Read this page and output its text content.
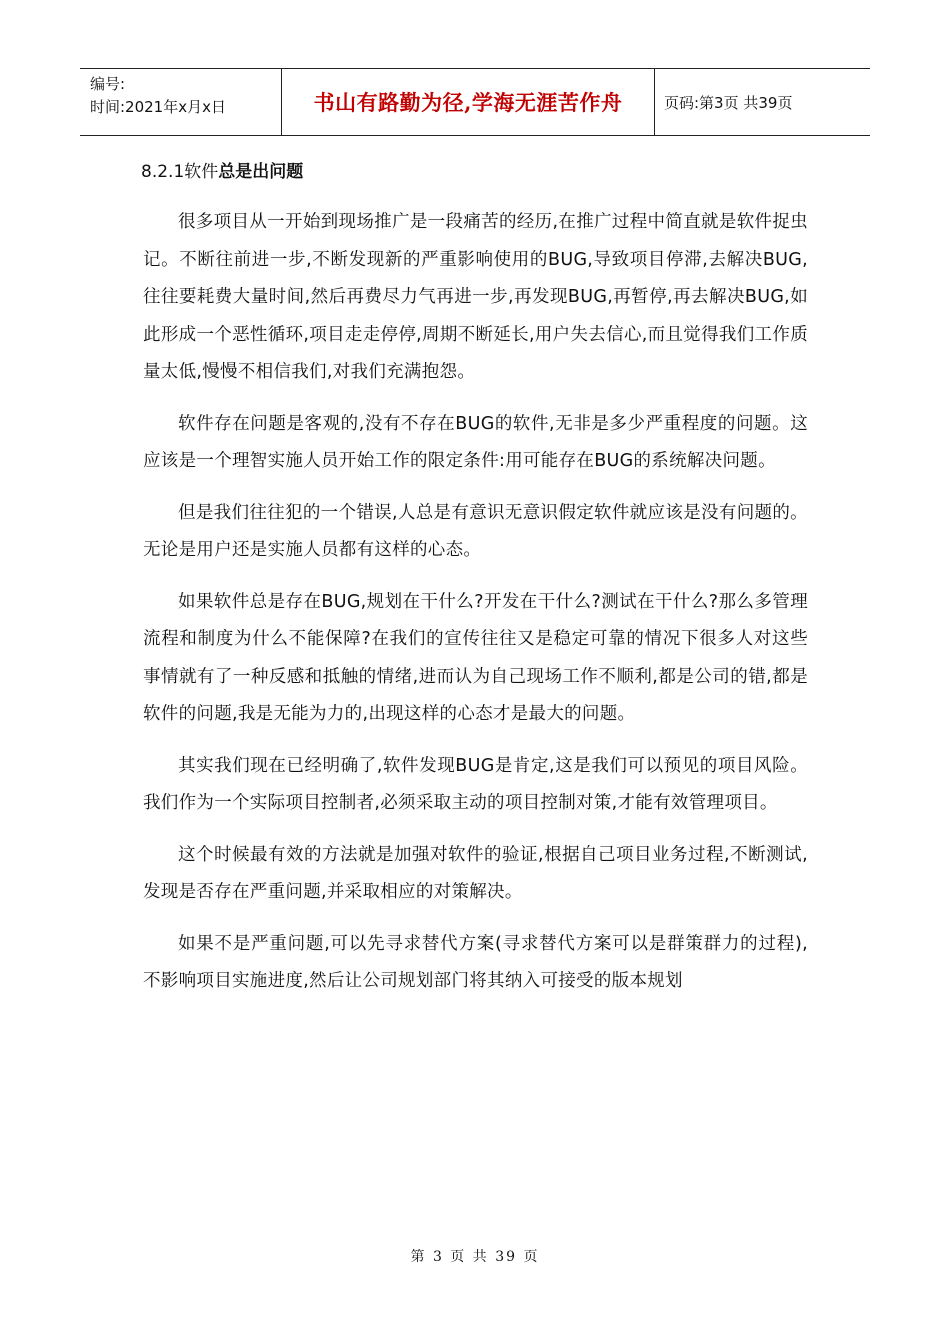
编号:
时间:2021年x月x日	书山有路勤为径,学海无涯苦作舟	页码:第3页 共39页
8.2.1软件总是出问题

很多项目从一开始到现场推广是一段痛苦的经历,在推广过程中简直就是软件捉虫记。不断往前进一步,不断发现新的严重影响使用的BUG,导致项目停滞,去解决BUG,往往要耗费大量时间,然后再费尽力气再进一步,再发现BUG,再暂停,再去解决BUG,如此形成一个恶性循环,项目走走停停,周期不断延长,用户失去信心,而且觉得我们工作质量太低,慢慢不相信我们,对我们充满抱怨。

软件存在问题是客观的,没有不存在BUG的软件,无非是多少严重程度的问题。这应该是一个理智实施人员开始工作的限定条件:用可能存在BUG的系统解决问题。

但是我们往往犯的一个错误,人总是有意识无意识假定软件就应该是没有问题的。无论是用户还是实施人员都有这样的心态。

如果软件总是存在BUG,规划在干什么?开发在干什么?测试在干什么?那么多管理流程和制度为什么不能保障?在我们的宣传往往又是稳定可靠的情况下很多人对这些事情就有了一种反感和抵触的情绪,进而认为自己现场工作不顺利,都是公司的错,都是软件的问题,我是无能为力的,出现这样的心态才是最大的问题。

其实我们现在已经明确了,软件发现BUG是肯定,这是我们可以预见的项目风险。我们作为一个实际项目控制者,必须采取主动的项目控制对策,才能有效管理项目。

这个时候最有效的方法就是加强对软件的验证,根据自己项目业务过程,不断测试,发现是否存在严重问题,并采取相应的对策解决。

如果不是严重问题,可以先寻求替代方案(寻求替代方案可以是群策群力的过程),不影响项目实施进度,然后让公司规划部门将其纳入可接受的版本规划

第 3 页 共 39 页
